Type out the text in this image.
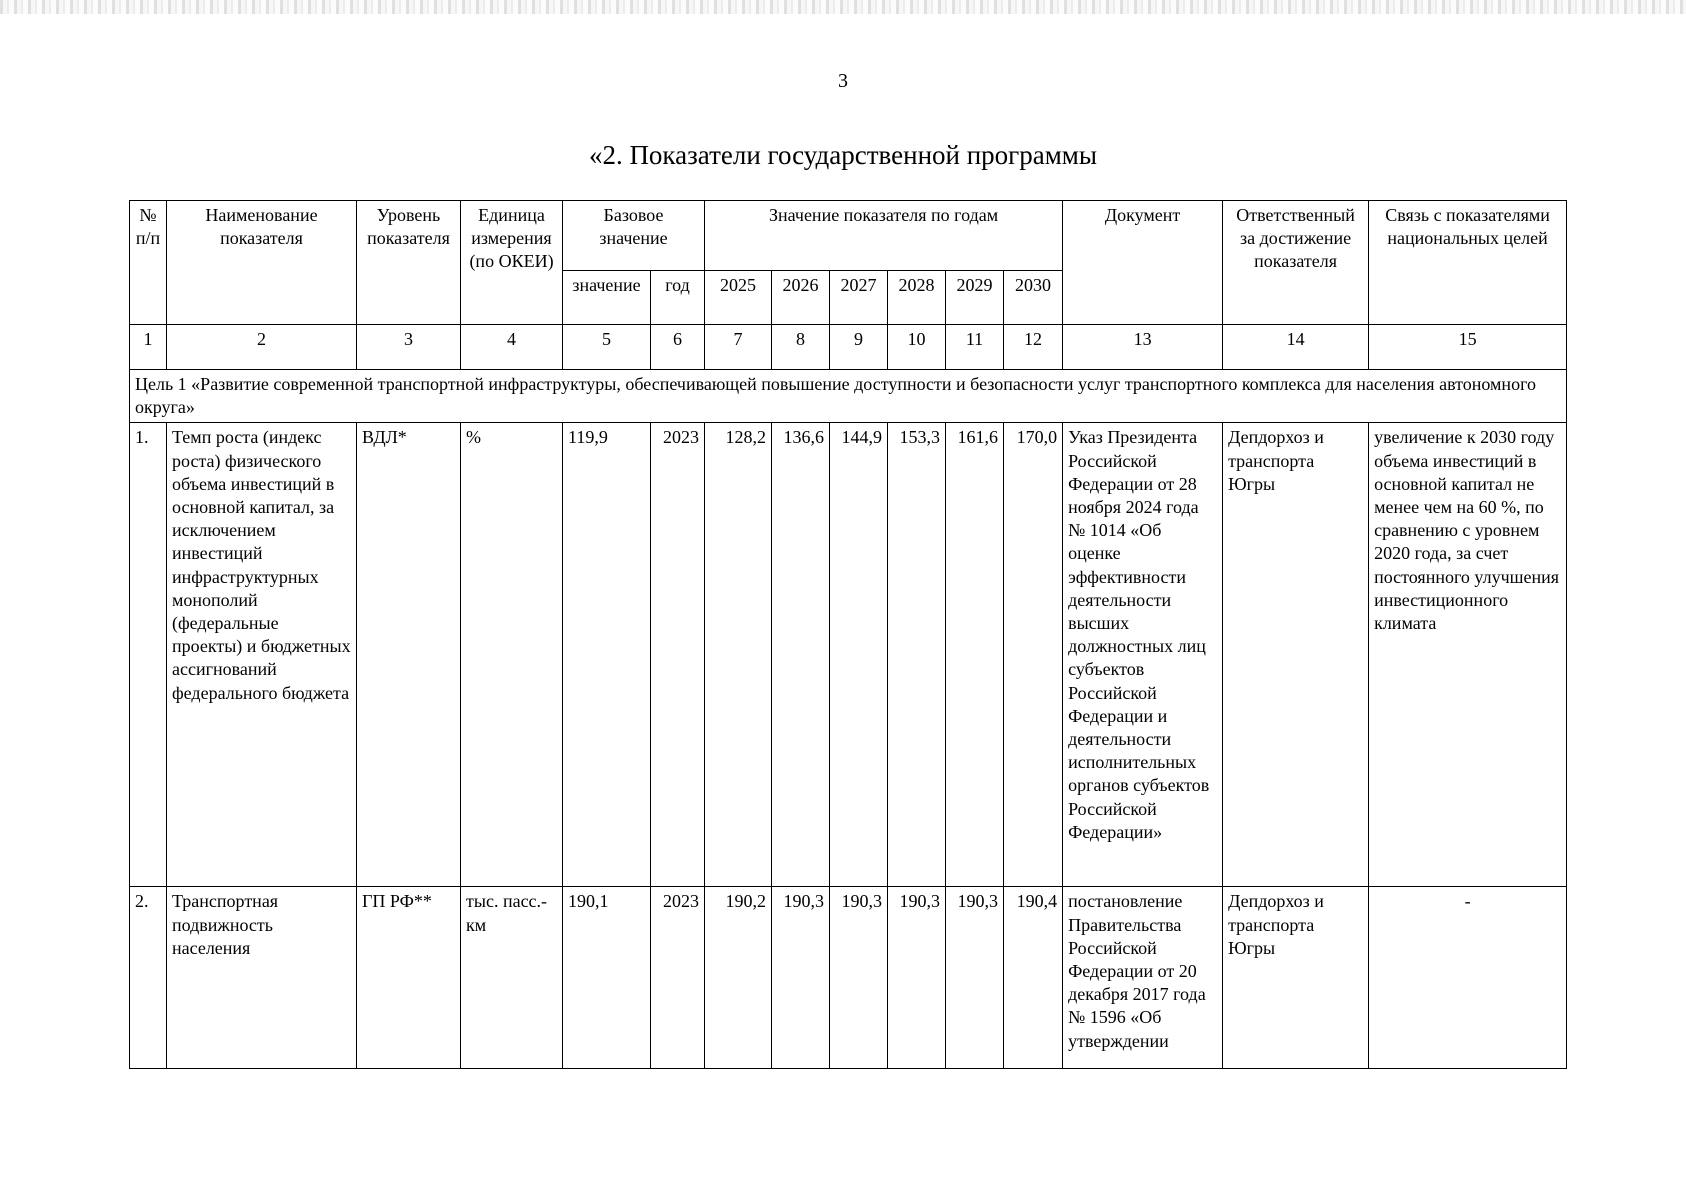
3
«2. Показатели государственной программы
№ п/п	Наименование показателя	Уровень показателя	Единица измерения (по ОКЕИ)	Базовое значение		Значение показателя по годам						Документ	Ответственный за достижение показателя	Связь с показателями национальных целей
				значение	год	2025	2026	2027	2028	2029	2030			
1	2	3	4	5	6	7	8	9	10	11	12	13	14	15
Цель 1 «Развитие современной транспортной инфраструктуры, обеспечивающей повышение доступности и безопасности услуг транспортного комплекса для населения автономного округа»														
1.	Темп роста (индекс роста) физического объема инвестиций в основной капитал, за исключением инвестиций инфраструктурных монополий (федеральные проекты) и бюджетных ассигнований федерального бюджета	ВДЛ*	%	119,9	2023	128,2	136,6	144,9	153,3	161,6	170,0	Указ Президента Российской Федерации от 28 ноября 2024 года № 1014 «Об оценке эффективности деятельности высших должностных лиц субъектов Российской Федерации и деятельности исполнительных органов субъектов Российской Федерации»	Депдорхоз и транспорта Югры	увеличение к 2030 году объема инвестиций в основной капитал не менее чем на 60 %, по сравнению с уровнем 2020 года, за счет постоянного улучшения инвестиционного климата
2.	Транспортная подвижность населения	ГП РФ**	тыс. пасс.-км	190,1	2023	190,2	190,3	190,3	190,3	190,3	190,4	постановление Правительства Российской Федерации от 20 декабря 2017 года № 1596 «Об утверждении	Депдорхоз и транспорта Югры	-
